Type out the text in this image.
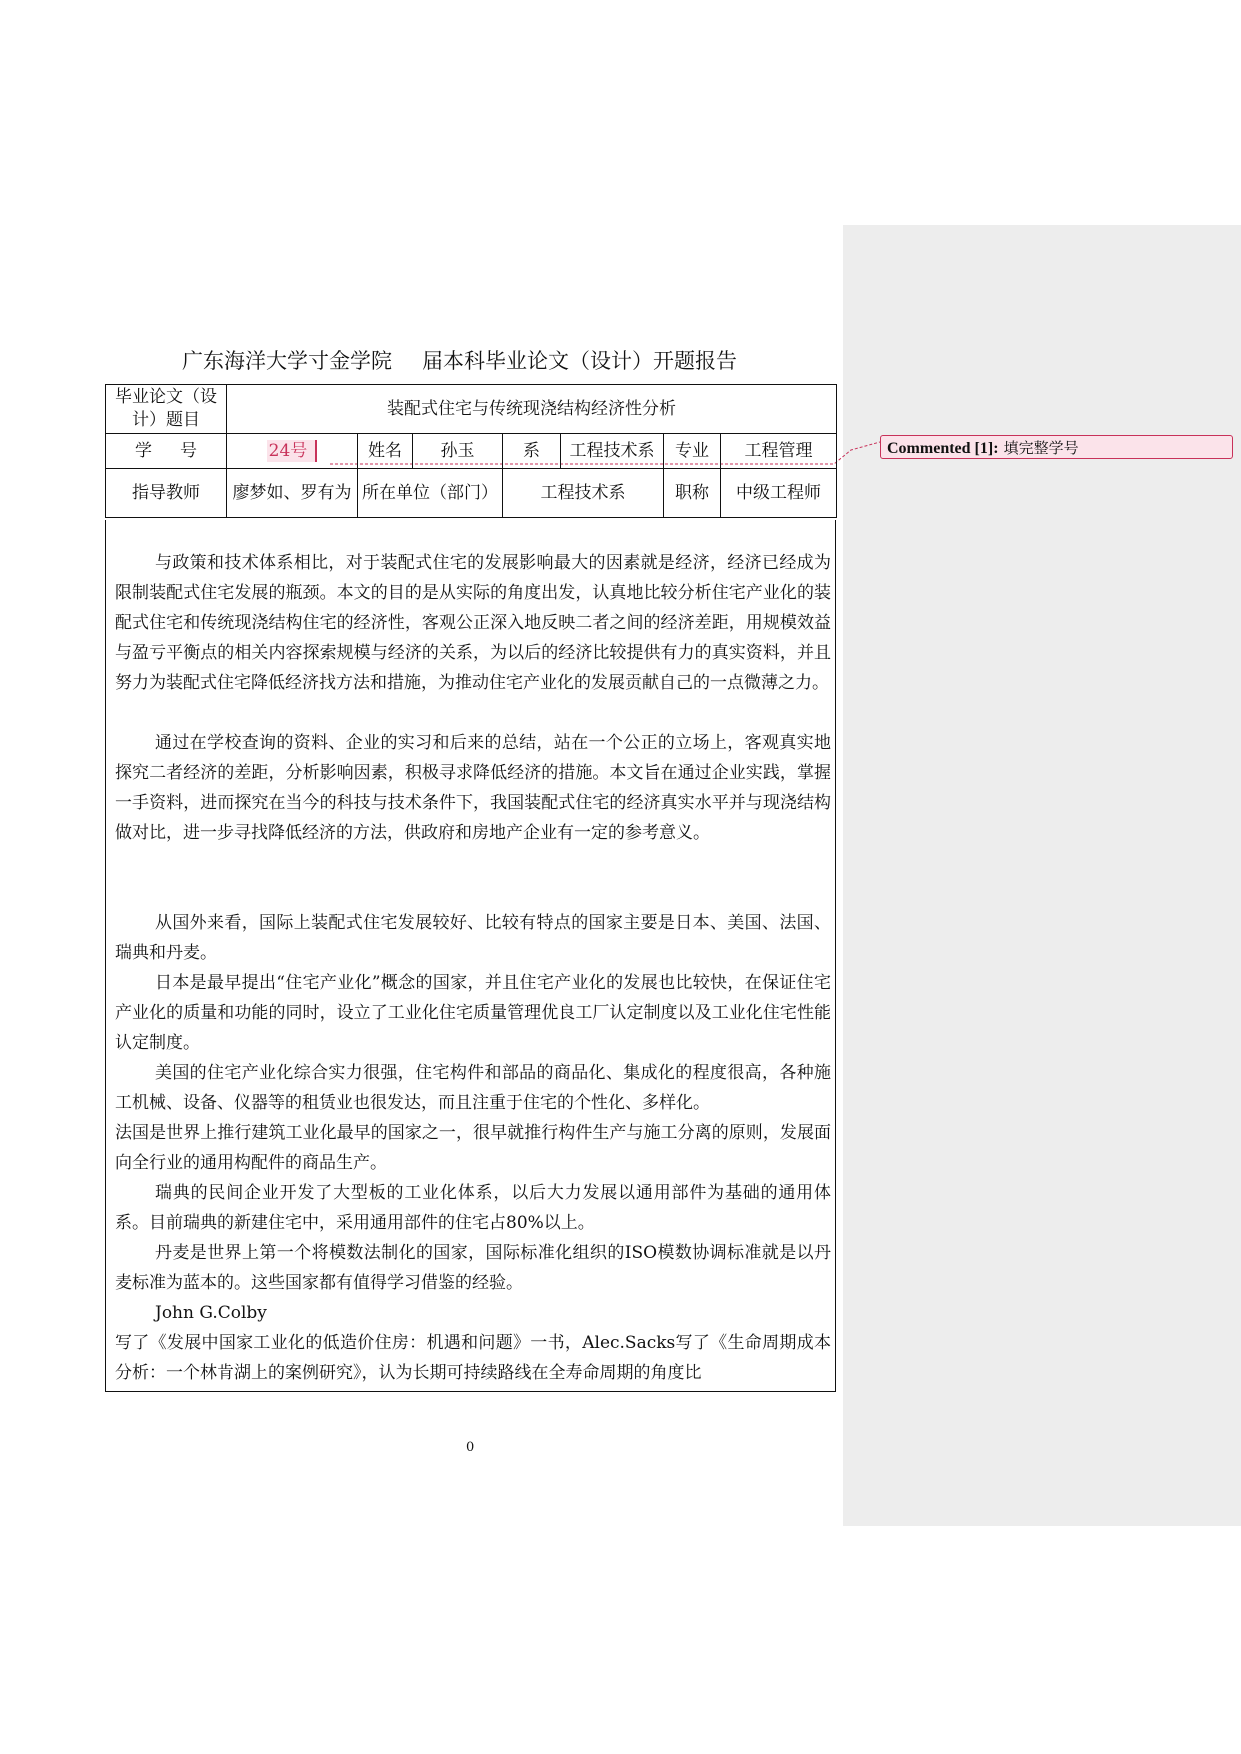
Commented [1]: 填完整学号
广东海洋大学寸金学院 届本科毕业论文（设计）开题报告
毕业论文（设计）题目	装配式住宅与传统现浇结构经济性分析						
学号	24号	姓名	孙玉	系	工程技术系	专业	工程管理
指导教师	廖梦如、罗有为	所在单位（部门）		工程技术系		职称	中级工程师

与政策和技术体系相比，对于装配式住宅的发展影响最大的因素就是经济，经济已经成为限制装配式住宅发展的瓶颈。本文的目的是从实际的角度出发，认真地比较分析住宅产业化的装配式住宅和传统现浇结构住宅的经济性，客观公正深入地反映二者之间的经济差距，用规模效益与盈亏平衡点的相关内容探索规模与经济的关系，为以后的经济比较提供有力的真实资料，并且努力为装配式住宅降低经济找方法和措施，为推动住宅产业化的发展贡献自己的一点微薄之力。

通过在学校查询的资料、企业的实习和后来的总结，站在一个公正的立场上，客观真实地探究二者经济的差距，分析影响因素，积极寻求降低经济的措施。本文旨在通过企业实践，掌握一手资料，进而探究在当今的科技与技术条件下，我国装配式住宅的经济真实水平并与现浇结构做对比，进一步寻找降低经济的方法，供政府和房地产企业有一定的参考意义。

从国外来看，国际上装配式住宅发展较好、比较有特点的国家主要是日本、美国、法国、瑞典和丹麦。

日本是最早提出“住宅产业化”概念的国家，并且住宅产业化的发展也比较快，在保证住宅产业化的质量和功能的同时，设立了工业化住宅质量管理优良工厂认定制度以及工业化住宅性能认定制度。

美国的住宅产业化综合实力很强，住宅构件和部品的商品化、集成化的程度很高，各种施工机械、设备、仪器等的租赁业也很发达，而且注重于住宅的个性化、多样化。

法国是世界上推行建筑工业化最早的国家之一，很早就推行构件生产与施工分离的原则，发展面向全行业的通用构配件的商品生产。

瑞典的民间企业开发了大型板的工业化体系，以后大力发展以通用部件为基础的通用体系。目前瑞典的新建住宅中，采用通用部件的住宅占80%以上。

丹麦是世界上第一个将模数法制化的国家，国际标准化组织的ISO模数协调标准就是以丹麦标准为蓝本的。这些国家都有值得学习借鉴的经验。

John G.Colby

写了《发展中国家工业化的低造价住房：机遇和问题》一书，Alec.Sacks写了《生命周期成本分析：一个林肯湖上的案例研究》，认为长期可持续路线在全寿命周期的角度比

0
